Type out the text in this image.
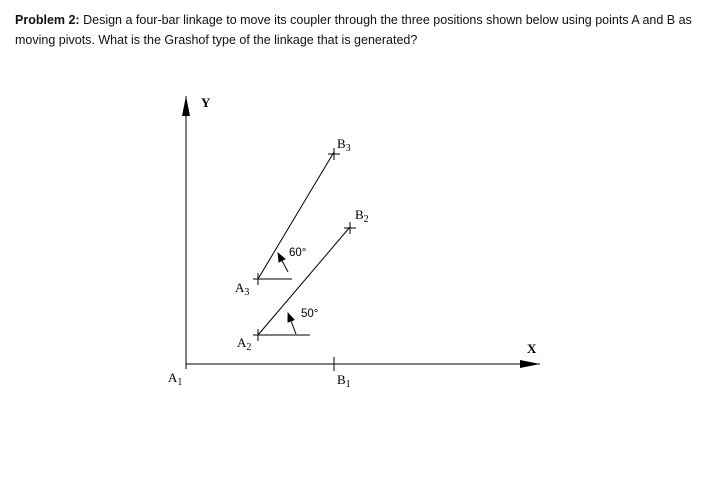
Problem 2: Design a four-bar linkage to move its coupler through the three positions shown below using points A and B as moving pivots. What is the Grashof type of the linkage that is generated?
Y
X
$A_1$	$B_1$
$A_2$
$B_2$
50°
$A_3$
$B_3$
60°
